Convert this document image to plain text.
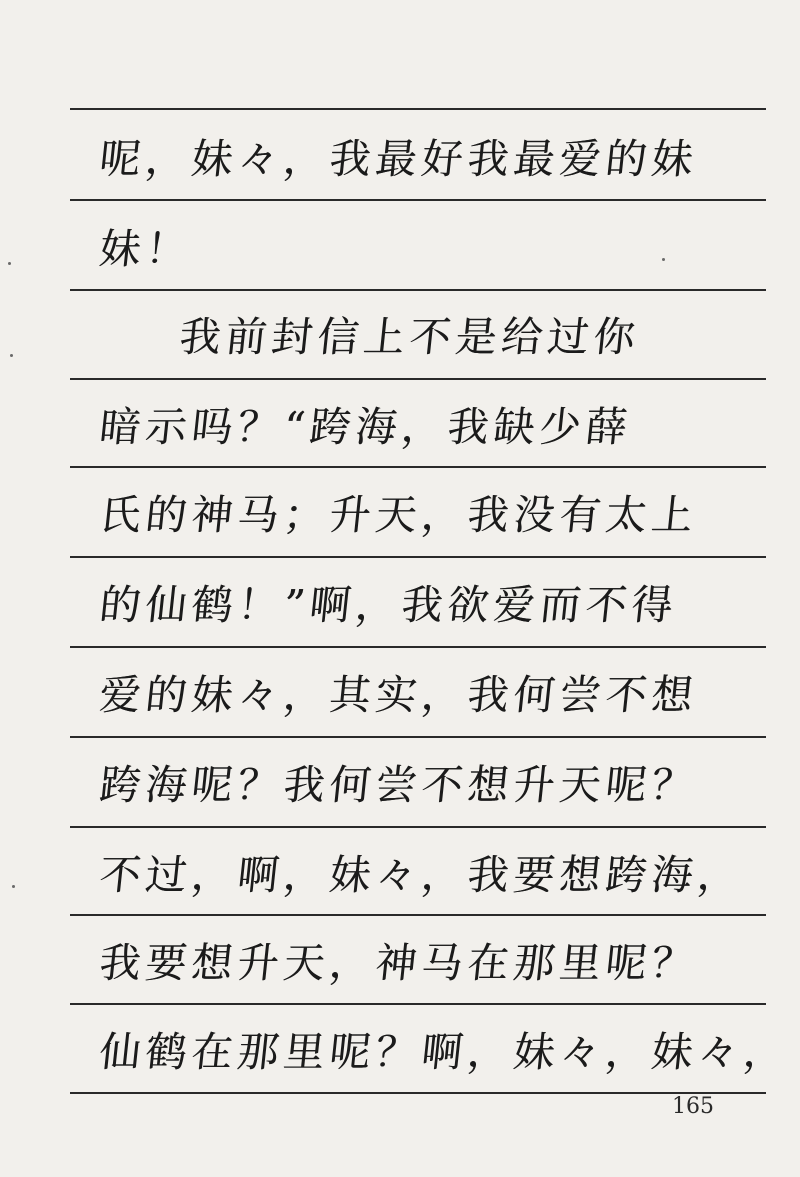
呢，妹々，我最好我最爱的妹
妹！
我前封信上不是给过你
暗示吗？“跨海，我缺少薛
氏的神马；升天，我没有太上
的仙鹤！”啊，我欲爱而不得
爱的妹々，其实，我何尝不想
跨海呢？我何尝不想升天呢？
不过，啊，妹々，我要想跨海，
我要想升天，神马在那里呢？
仙鹤在那里呢？啊，妹々，妹々，
165
